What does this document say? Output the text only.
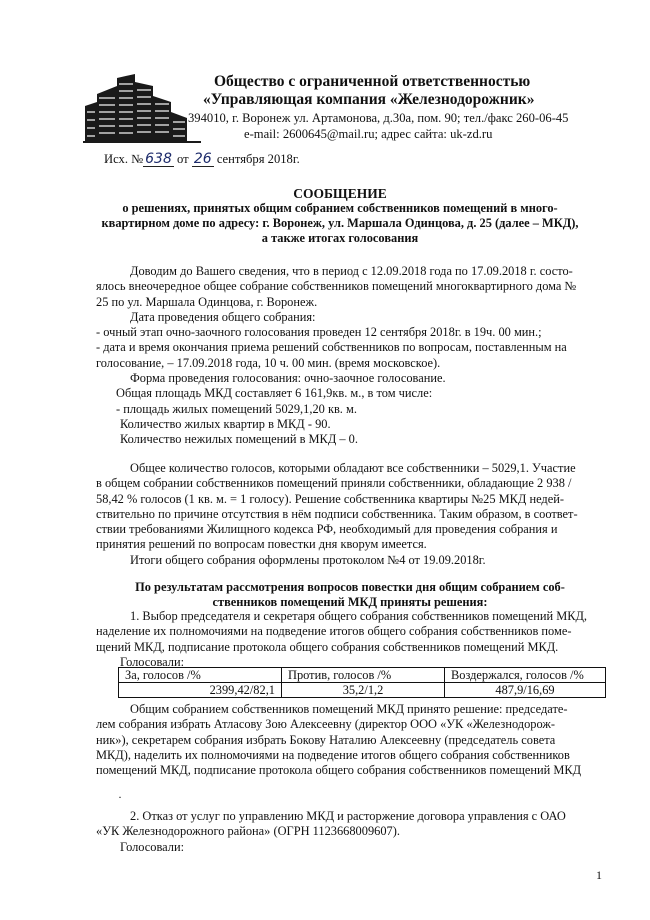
Общество с ограниченной ответственностью
«Управляющая компания «Железнодорожник»
394010, г. Воронеж ул. Артамонова, д.30а, пом. 90; тел./факс 260-06-45
e-mail: 2600645@mail.ru; адрес сайта: uk-zd.ru
Исх. № 638 от 26 сентября 2018г.
СООБЩЕНИЕ
о решениях, принятых общим собранием собственников помещений в много-
квартирном доме по адресу: г. Воронеж, ул. Маршала Одинцова, д. 25 (далее – МКД),
а также итогах голосования

Доводим до Вашего сведения, что в период с 12.09.2018 года по 17.09.2018 г. состо-

ялось внеочередное общее собрание собственников помещений многоквартирного дома №

25 по ул. Маршала Одинцова, г. Воронеж.

Дата проведения общего собрания:

- очный этап очно-заочного голосования проведен 12 сентября 2018г. в 19ч. 00 мин.;

- дата и время окончания приема решений собственников по вопросам, поставленным на

голосование, – 17.09.2018 года, 10 ч. 00 мин. (время московское).

Форма проведения голосования: очно-заочное голосование.

Общая площадь МКД составляет 6 161,9кв. м., в том числе:

- площадь жилых помещений 5029,1,20 кв. м.

Количество жилых квартир в МКД - 90.

Количество нежилых помещений в МКД – 0.

Общее количество голосов, которыми обладают все собственники – 5029,1. Участие

в общем собрании собственников помещений приняли собственники, обладающие 2 938 /

58,42 % голосов (1 кв. м. = 1 голосу). Решение собственника квартиры №25 МКД недей-

ствительно по причине отсутствия в нём подписи собственника. Таким образом, в соответ-

ствии требованиями Жилищного кодекса РФ, необходимый для проведения собрания и

принятия решений по вопросам повестки дня кворум имеется.

Итоги общего собрания оформлены протоколом №4 от 19.09.2018г.

По результатам рассмотрения вопросов повестки дня общим собранием соб-
ственников помещений МКД приняты решения:

1. Выбор председателя и секретаря общего собрания собственников помещений МКД,

наделение их полномочиями на подведение итогов общего собрания собственников поме-

щений МКД, подписание протокола общего собрания собственников помещений МКД.

Голосовали:

За, голосов /%	Против, голосов /%	Воздержался, голосов /%
2399,42/82,1	35,2/1,2	487,9/16,69

Общим собранием собственников помещений МКД принято решение: председате-

лем собрания избрать Атласову Зою Алексеевну (директор ООО «УК «Железнодорож-

ник»), секретарем собрания избрать Бокову Наталию Алексеевну (председатель совета

МКД), наделить их полномочиями на подведение итогов общего собрания собственников

помещений МКД, подписание протокола общего собрания собственников помещений МКД

·

2. Отказ от услуг по управлению МКД и расторжение договора управления с ОАО

«УК Железнодорожного района» (ОГРН 1123668009607).

Голосовали:

1
